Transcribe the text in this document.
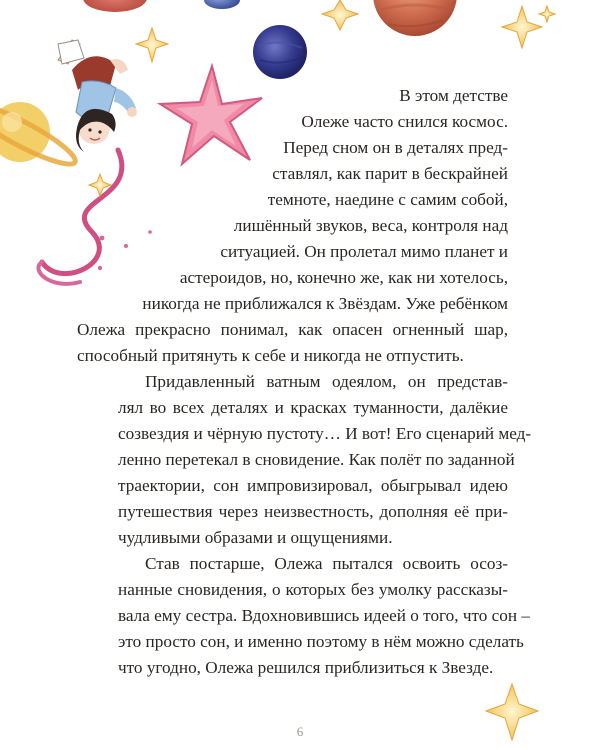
В этом детстве
Олеже часто снился космос.
Перед сном он в деталях пред-
ставлял, как парит в бескрайней
темноте, наедине с самим собой,
лишённый звуков, веса, контроля над
ситуацией. Он пролетал мимо планет и
астероидов, но, конечно же, как ни хотелось,
никогда не приближался к Звёздам. Уже ребёнком
Олежа прекрасно понимал, как опасен огненный шар,
способный притянуть к себе и никогда не отпустить.
Придавленный ватным одеялом, он представ-
лял во всех деталях и красках туманности, далёкие
созвездия и чёрную пустоту… И вот! Его сценарий мед-
ленно перетекал в сновидение. Как полёт по заданной
траектории, сон импровизировал, обыгрывал идею
путешествия через неизвестность, дополняя её при-
чудливыми образами и ощущениями.
Став постарше, Олежа пытался освоить осоз-
нанные сновидения, о которых без умолку рассказы-
вала ему сестра. Вдохновившись идеей о того, что сон –
это просто сон, и именно поэтому в нём можно сделать
что угодно, Олежа решился приблизиться к Звезде.
6
